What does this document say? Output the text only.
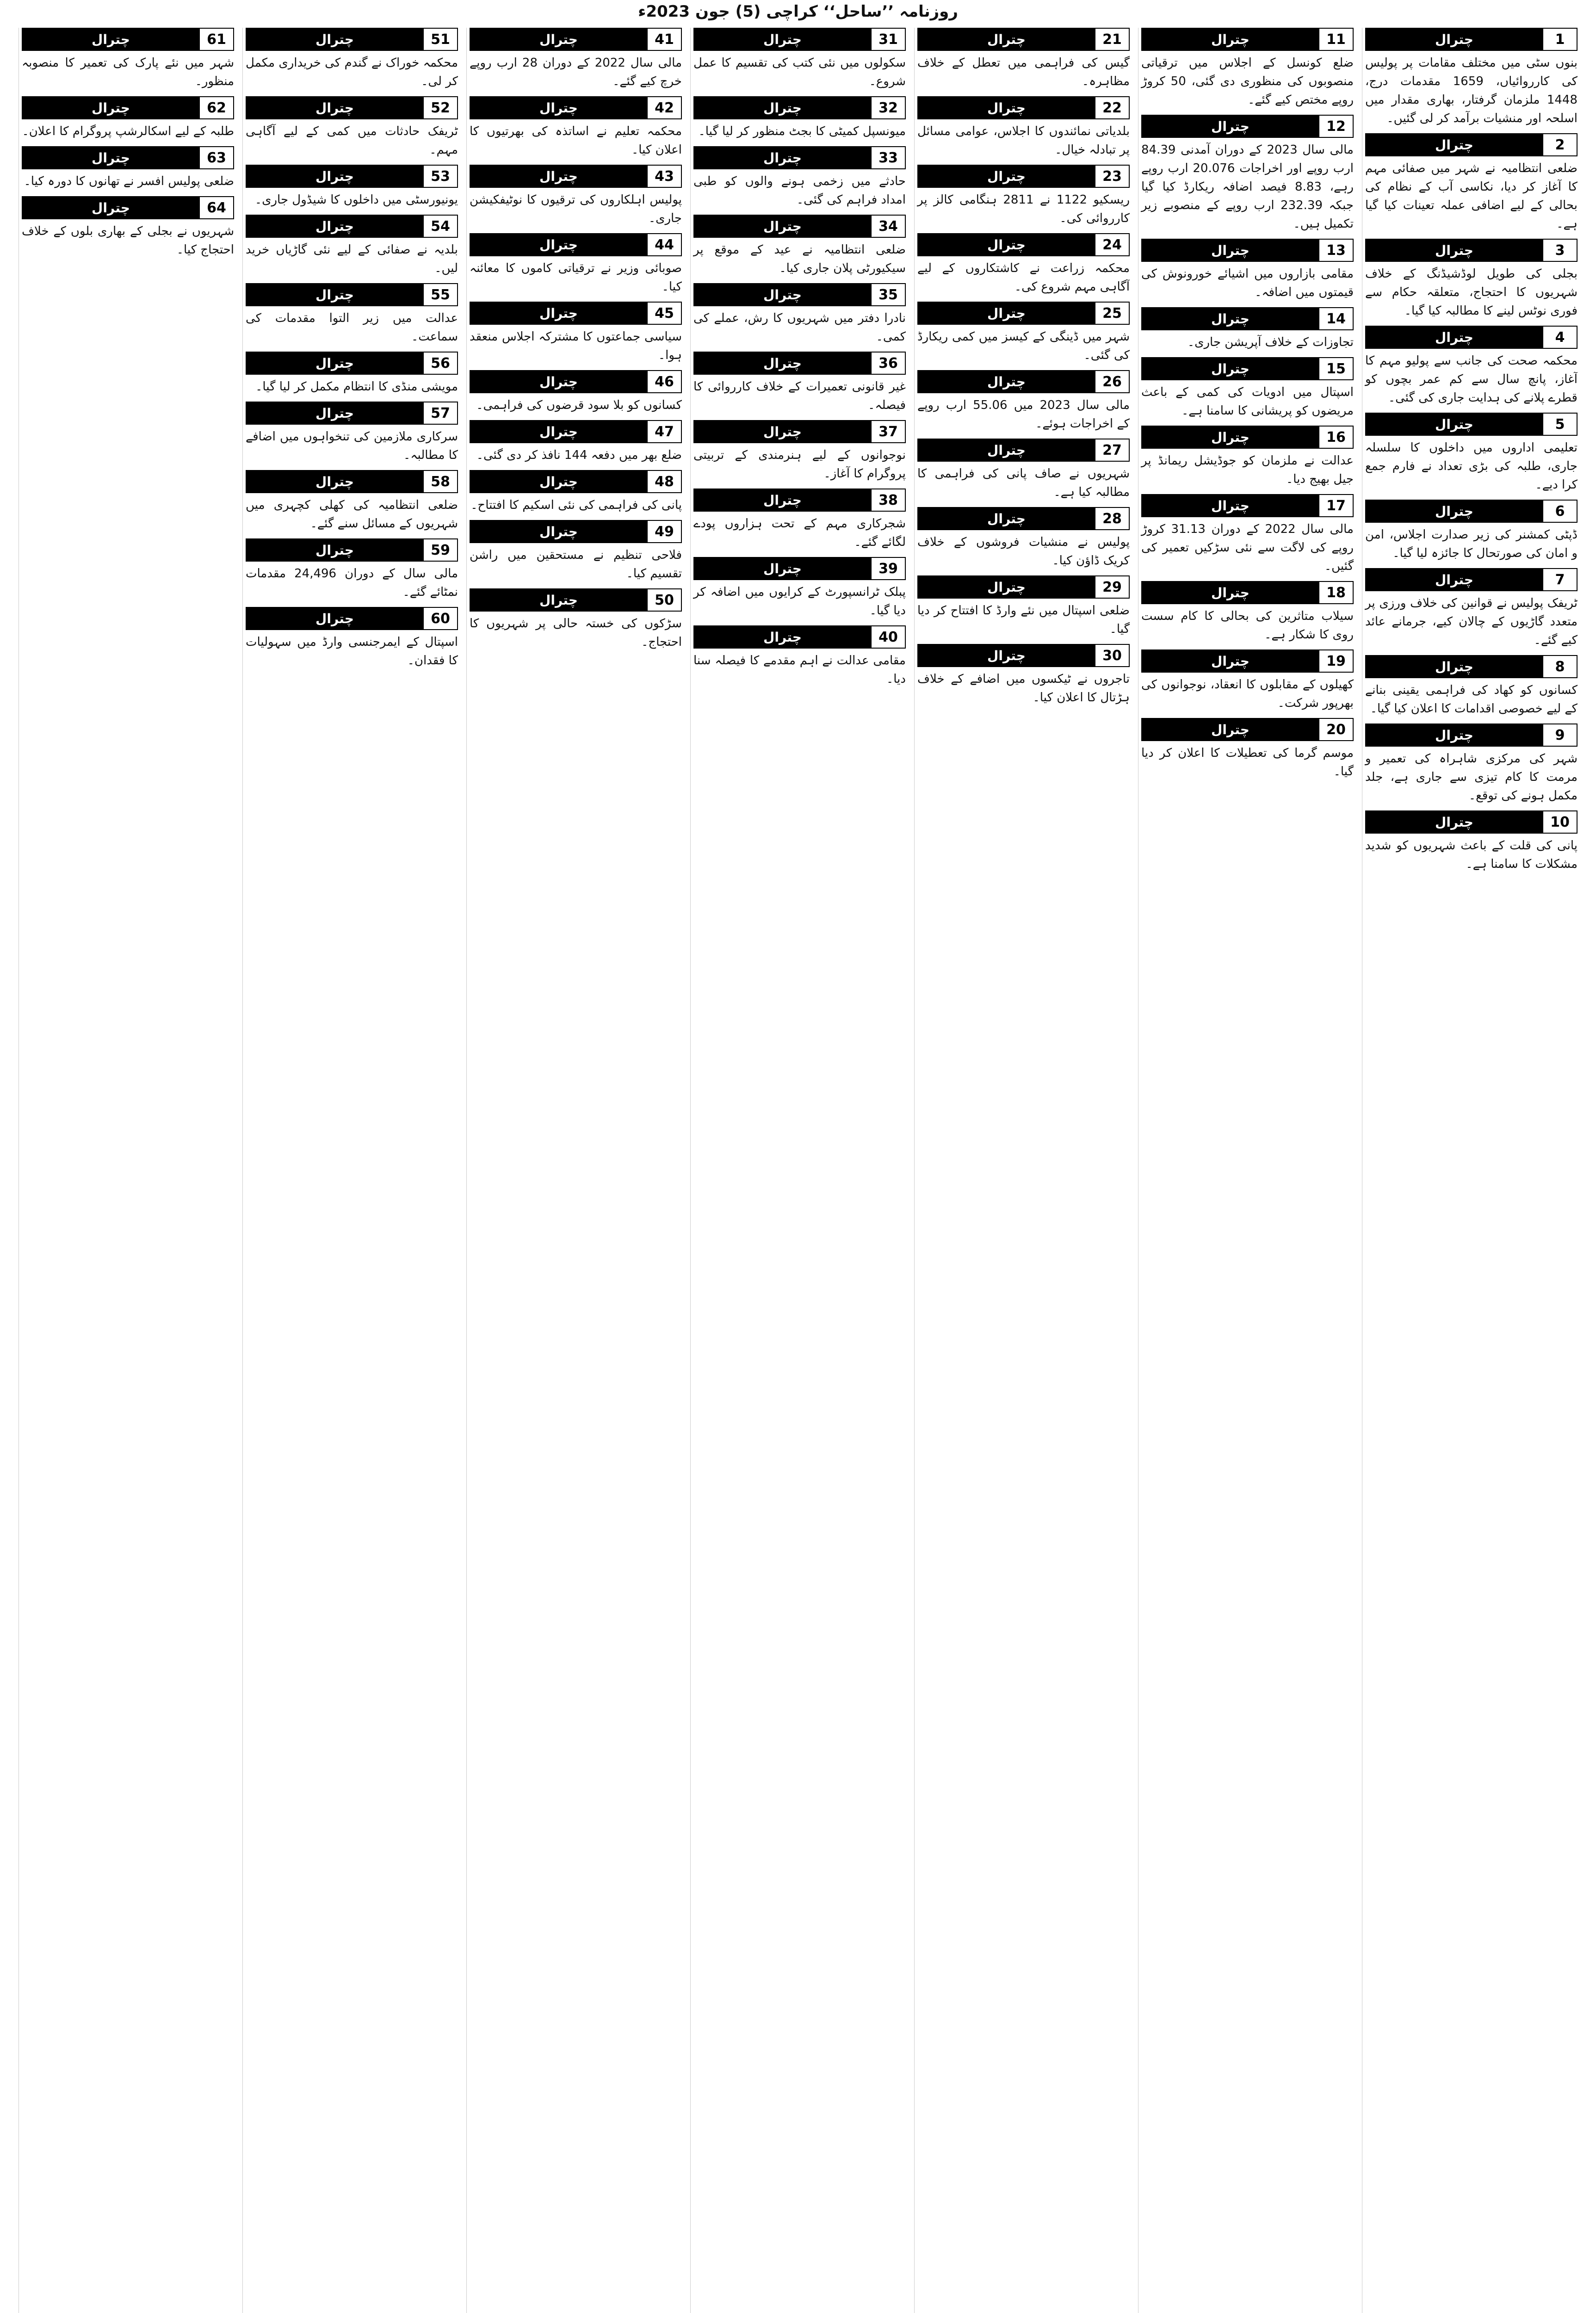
روزنامہ ’’ساحل‘‘ کراچی (5) جون 2023ء
1
چترال

بنوں سٹی میں مختلف مقامات پر پولیس کی کارروائیاں، 1659 مقدمات درج، 1448 ملزمان گرفتار، بھاری مقدار میں اسلحہ اور منشیات برآمد کر لی گئیں۔

2
چترال

ضلعی انتظامیہ نے شہر میں صفائی مہم کا آغاز کر دیا، نکاسی آب کے نظام کی بحالی کے لیے اضافی عملہ تعینات کیا گیا ہے۔

3
چترال

بجلی کی طویل لوڈشیڈنگ کے خلاف شہریوں کا احتجاج، متعلقہ حکام سے فوری نوٹس لینے کا مطالبہ کیا گیا۔

4
چترال

محکمہ صحت کی جانب سے پولیو مہم کا آغاز، پانچ سال سے کم عمر بچوں کو قطرے پلانے کی ہدایت جاری کی گئی۔

5
چترال

تعلیمی اداروں میں داخلوں کا سلسلہ جاری، طلبہ کی بڑی تعداد نے فارم جمع کرا دیے۔

6
چترال

ڈپٹی کمشنر کی زیر صدارت اجلاس، امن و امان کی صورتحال کا جائزہ لیا گیا۔

7
چترال

ٹریفک پولیس نے قوانین کی خلاف ورزی پر متعدد گاڑیوں کے چالان کیے، جرمانے عائد کیے گئے۔

8
چترال

کسانوں کو کھاد کی فراہمی یقینی بنانے کے لیے خصوصی اقدامات کا اعلان کیا گیا۔

9
چترال

شہر کی مرکزی شاہراہ کی تعمیر و مرمت کا کام تیزی سے جاری ہے، جلد مکمل ہونے کی توقع۔

10
چترال

پانی کی قلت کے باعث شہریوں کو شدید مشکلات کا سامنا ہے۔

11
چترال

ضلع کونسل کے اجلاس میں ترقیاتی منصوبوں کی منظوری دی گئی، 50 کروڑ روپے مختص کیے گئے۔

12
چترال

مالی سال 2023 کے دوران آمدنی 84.39 ارب روپے اور اخراجات 20.076 ارب روپے رہے، 8.83 فیصد اضافہ ریکارڈ کیا گیا جبکہ 232.39 ارب روپے کے منصوبے زیر تکمیل ہیں۔

13
چترال

مقامی بازاروں میں اشیائے خورونوش کی قیمتوں میں اضافہ۔

14
چترال

تجاوزات کے خلاف آپریشن جاری۔

15
چترال

اسپتال میں ادویات کی کمی کے باعث مریضوں کو پریشانی کا سامنا ہے۔

16
چترال

عدالت نے ملزمان کو جوڈیشل ریمانڈ پر جیل بھیج دیا۔

17
چترال

مالی سال 2022 کے دوران 31.13 کروڑ روپے کی لاگت سے نئی سڑکیں تعمیر کی گئیں۔

18
چترال

سیلاب متاثرین کی بحالی کا کام سست روی کا شکار ہے۔

19
چترال

کھیلوں کے مقابلوں کا انعقاد، نوجوانوں کی بھرپور شرکت۔

20
چترال

موسم گرما کی تعطیلات کا اعلان کر دیا گیا۔

21
چترال

گیس کی فراہمی میں تعطل کے خلاف مظاہرہ۔

22
چترال

بلدیاتی نمائندوں کا اجلاس، عوامی مسائل پر تبادلہ خیال۔

23
چترال

ریسکیو 1122 نے 2811 ہنگامی کالز پر کارروائی کی۔

24
چترال

محکمہ زراعت نے کاشتکاروں کے لیے آگاہی مہم شروع کی۔

25
چترال

شہر میں ڈینگی کے کیسز میں کمی ریکارڈ کی گئی۔

26
چترال

مالی سال 2023 میں 55.06 ارب روپے کے اخراجات ہوئے۔

27
چترال

شہریوں نے صاف پانی کی فراہمی کا مطالبہ کیا ہے۔

28
چترال

پولیس نے منشیات فروشوں کے خلاف کریک ڈاؤن کیا۔

29
چترال

ضلعی اسپتال میں نئے وارڈ کا افتتاح کر دیا گیا۔

30
چترال

تاجروں نے ٹیکسوں میں اضافے کے خلاف ہڑتال کا اعلان کیا۔

31
چترال

سکولوں میں نئی کتب کی تقسیم کا عمل شروع۔

32
چترال

میونسپل کمیٹی کا بجٹ منظور کر لیا گیا۔

33
چترال

حادثے میں زخمی ہونے والوں کو طبی امداد فراہم کی گئی۔

34
چترال

ضلعی انتظامیہ نے عید کے موقع پر سیکیورٹی پلان جاری کیا۔

35
چترال

نادرا دفتر میں شہریوں کا رش، عملے کی کمی۔

36
چترال

غیر قانونی تعمیرات کے خلاف کارروائی کا فیصلہ۔

37
چترال

نوجوانوں کے لیے ہنرمندی کے تربیتی پروگرام کا آغاز۔

38
چترال

شجرکاری مہم کے تحت ہزاروں پودے لگائے گئے۔

39
چترال

پبلک ٹرانسپورٹ کے کرایوں میں اضافہ کر دیا گیا۔

40
چترال

مقامی عدالت نے اہم مقدمے کا فیصلہ سنا دیا۔

41
چترال

مالی سال 2022 کے دوران 28 ارب روپے خرچ کیے گئے۔

42
چترال

محکمہ تعلیم نے اساتذہ کی بھرتیوں کا اعلان کیا۔

43
چترال

پولیس اہلکاروں کی ترقیوں کا نوٹیفکیشن جاری۔

44
چترال

صوبائی وزیر نے ترقیاتی کاموں کا معائنہ کیا۔

45
چترال

سیاسی جماعتوں کا مشترکہ اجلاس منعقد ہوا۔

46
چترال

کسانوں کو بلا سود قرضوں کی فراہمی۔

47
چترال

ضلع بھر میں دفعہ 144 نافذ کر دی گئی۔

48
چترال

پانی کی فراہمی کی نئی اسکیم کا افتتاح۔

49
چترال

فلاحی تنظیم نے مستحقین میں راشن تقسیم کیا۔

50
چترال

سڑکوں کی خستہ حالی پر شہریوں کا احتجاج۔

51
چترال

محکمہ خوراک نے گندم کی خریداری مکمل کر لی۔

52
چترال

ٹریفک حادثات میں کمی کے لیے آگاہی مہم۔

53
چترال

یونیورسٹی میں داخلوں کا شیڈول جاری۔

54
چترال

بلدیہ نے صفائی کے لیے نئی گاڑیاں خرید لیں۔

55
چترال

عدالت میں زیر التوا مقدمات کی سماعت۔

56
چترال

مویشی منڈی کا انتظام مکمل کر لیا گیا۔

57
چترال

سرکاری ملازمین کی تنخواہوں میں اضافے کا مطالبہ۔

58
چترال

ضلعی انتظامیہ کی کھلی کچہری میں شہریوں کے مسائل سنے گئے۔

59
چترال

مالی سال کے دوران 24,496 مقدمات نمٹائے گئے۔

60
چترال

اسپتال کے ایمرجنسی وارڈ میں سہولیات کا فقدان۔

61
چترال

شہر میں نئے پارک کی تعمیر کا منصوبہ منظور۔

62
چترال

طلبہ کے لیے اسکالرشپ پروگرام کا اعلان۔

63
چترال

ضلعی پولیس افسر نے تھانوں کا دورہ کیا۔

64
چترال

شہریوں نے بجلی کے بھاری بلوں کے خلاف احتجاج کیا۔
